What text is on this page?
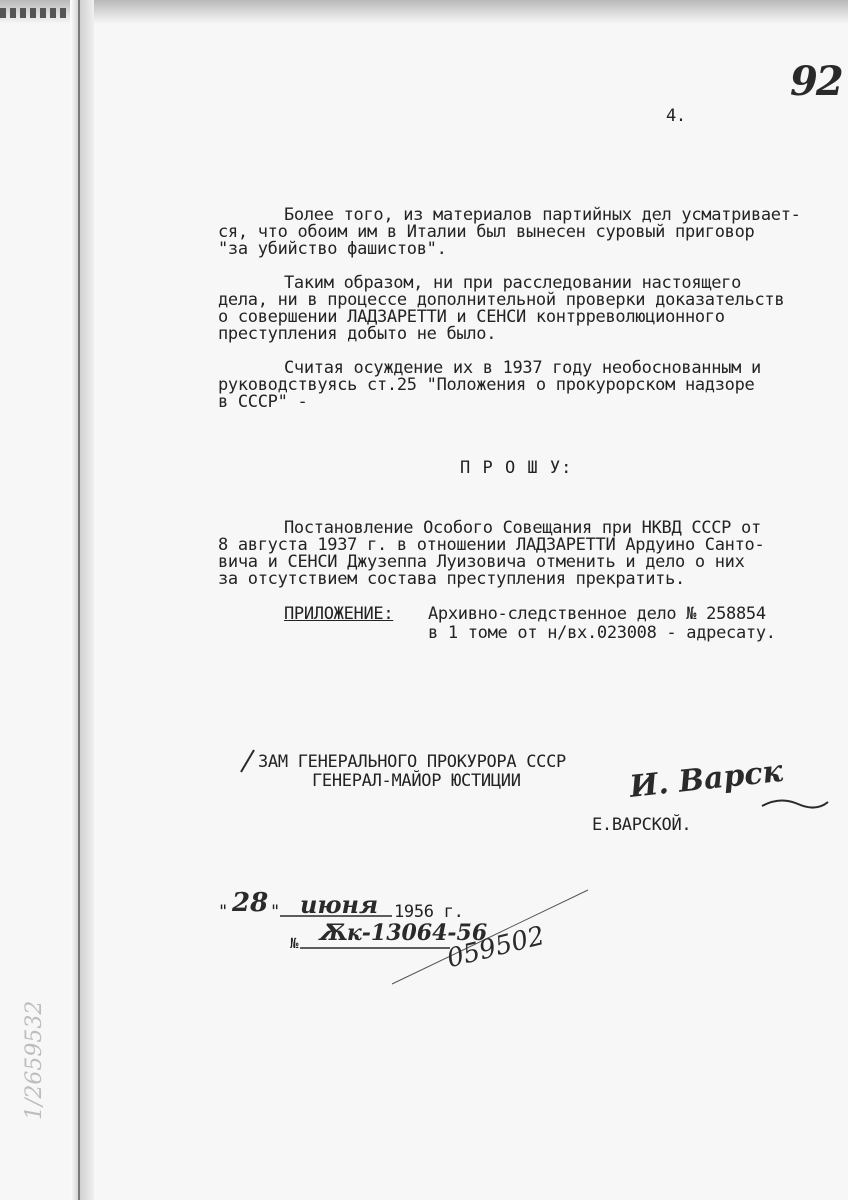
92
4.
Более того, из материалов партийных дел усматривает-
ся, что обоим им в Италии был вынесен суровый приговор
"за убийство фашистов".
Таким образом, ни при расследовании настоящего
дела, ни в процессе дополнительной проверки доказательств
о совершении ЛАДЗАРЕТТИ и СЕНСИ контрреволюционного
преступления добыто не было.
Считая осуждение их в 1937 году необоснованным и
руководствуясь ст.25 "Положения о прокурорском надзоре
в СССР" -
П Р О Ш У:
Постановление Особого Совещания при НКВД СССР от
8 августа 1937 г. в отношении ЛАДЗАРЕТТИ Ардуино Санто-
вича и СЕНСИ Джузеппа Луизовича отменить и дело о них
за отсутствием состава преступления прекратить.
ПРИЛОЖЕНИЕ: Архивно-следственное дело № 258854
в 1 томе от н/вх.023008 - адресату.
ЗАМ ГЕНЕРАЛЬНОГО ПРОКУРОРА СССР
ГЕНЕРАЛ-МАЙОР ЮСТИЦИИ	И. Варск
Е.ВАРСКОЙ.
" 28 " июня 1956 г.
№ Ѫк-13064-56
059502
1/2659532
